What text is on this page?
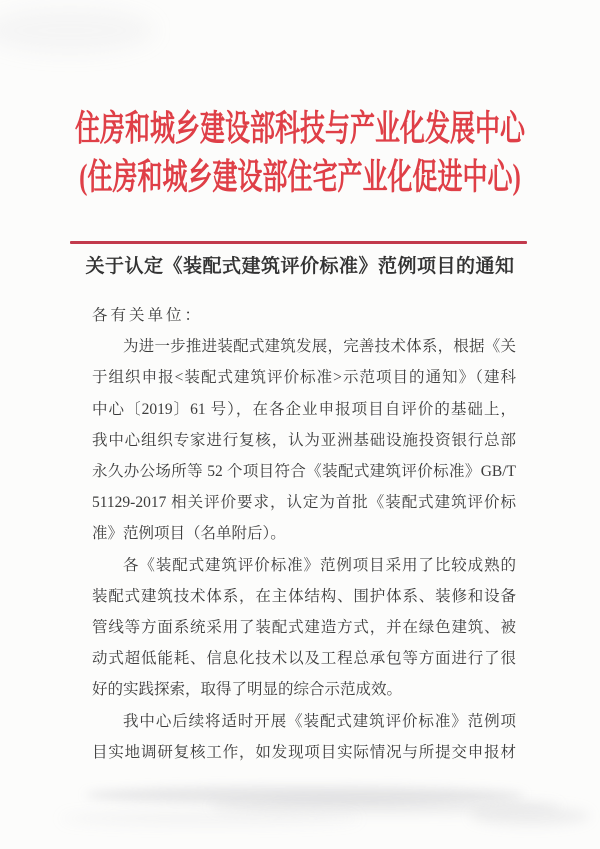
住房和城乡建设部科技与产业化发展中心
(住房和城乡建设部住宅产业化促进中心)
关于认定《装配式建筑评价标准》范例项目的通知
各有关单位：
为进一步推进装配式建筑发展，完善技术体系，根据《关
于组织申报<装配式建筑评价标准>示范项目的通知》（建科
中心〔2019〕61 号），在各企业申报项目自评价的基础上，
我中心组织专家进行复核，认为亚洲基础设施投资银行总部
永久办公场所等 52 个项目符合《装配式建筑评价标准》GB/T
51129-2017 相关评价要求，认定为首批《装配式建筑评价标
准》范例项目（名单附后）。
各《装配式建筑评价标准》范例项目采用了比较成熟的
装配式建筑技术体系，在主体结构、围护体系、装修和设备
管线等方面系统采用了装配式建造方式，并在绿色建筑、被
动式超低能耗、信息化技术以及工程总承包等方面进行了很
好的实践探索，取得了明显的综合示范成效。
我中心后续将适时开展《装配式建筑评价标准》范例项
目实地调研复核工作，如发现项目实际情况与所提交申报材
